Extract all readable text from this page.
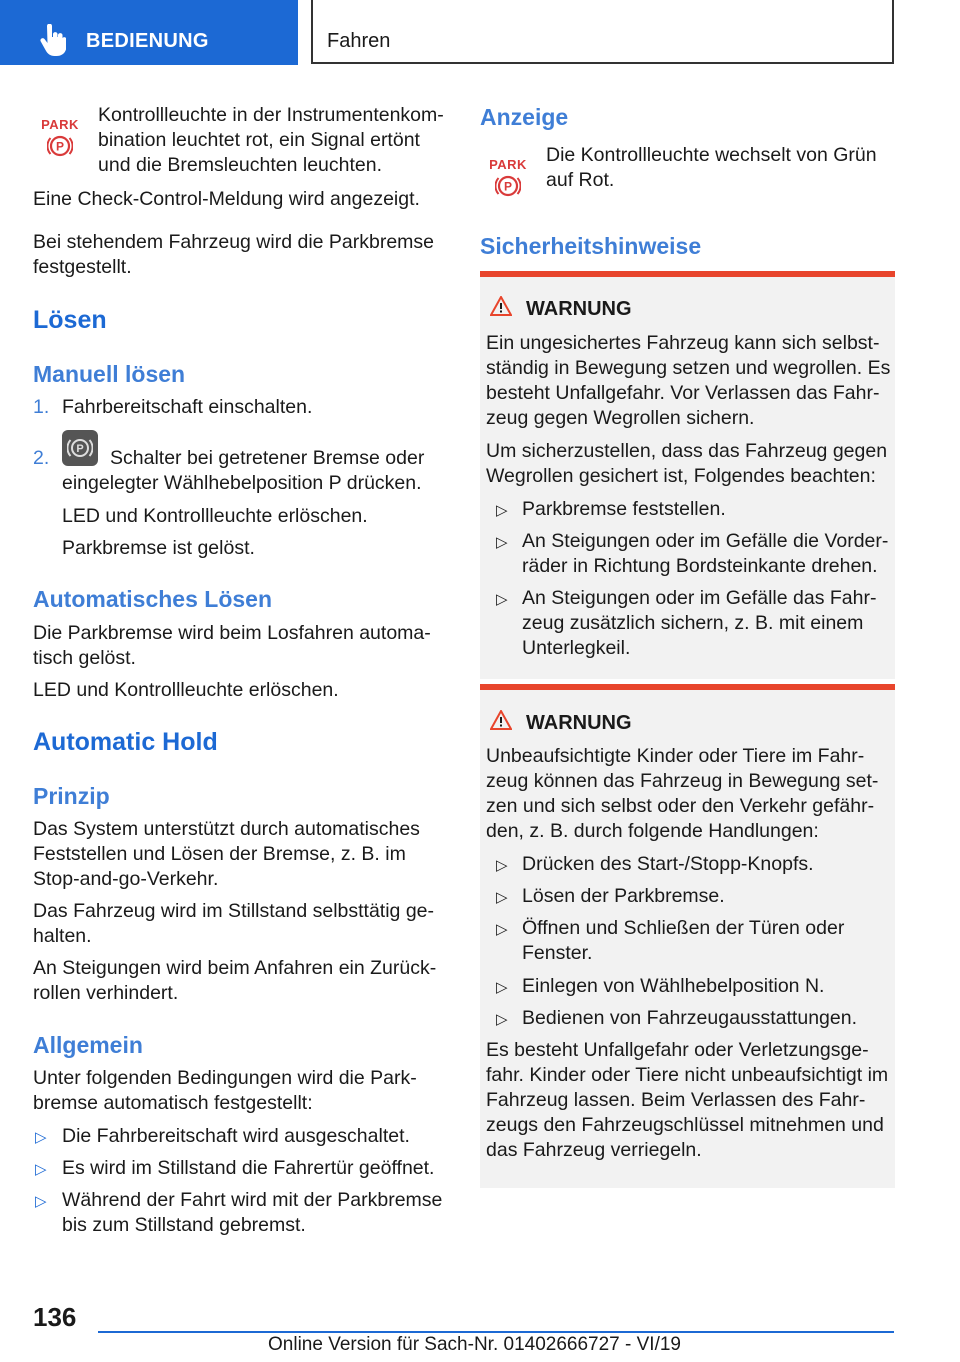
BEDIENUNG	Fahren
PARK
P
Kontrollleuchte in der Instrumentenkom-
bination leuchtet rot, ein Signal ertönt
und die Bremsleuchten leuchten.
Eine Check-Control-Meldung wird angezeigt.
Bei stehendem Fahrzeug wird die Parkbremse
festgestellt.
Lösen
Manuell lösen
1. Fahrbereitschaft einschalten.
2. P Schalter bei getretener Bremse oder
eingelegter Wählhebelposition P drücken.
LED und Kontrollleuchte erlöschen.
Parkbremse ist gelöst.
Automatisches Lösen
Die Parkbremse wird beim Losfahren automa-
tisch gelöst.
LED und Kontrollleuchte erlöschen.
Automatic Hold
Prinzip
Das System unterstützt durch automatisches
Feststellen und Lösen der Bremse, z. B. im
Stop-and-go-Verkehr.
Das Fahrzeug wird im Stillstand selbsttätig ge-
halten.
An Steigungen wird beim Anfahren ein Zurück-
rollen verhindert.
Allgemein
Unter folgenden Bedingungen wird die Park-
bremse automatisch festgestellt:
▷ Die Fahrbereitschaft wird ausgeschaltet.
▷ Es wird im Stillstand die Fahrertür geöffnet.
▷ Während der Fahrt wird mit der Parkbremse
bis zum Stillstand gebremst.
Anzeige
PARK
P
Die Kontrollleuchte wechselt von Grün
auf Rot.
Sicherheitshinweise
WARNUNG
Ein ungesichertes Fahrzeug kann sich selbst-
ständig in Bewegung setzen und wegrollen. Es
besteht Unfallgefahr. Vor Verlassen das Fahr-
zeug gegen Wegrollen sichern.
Um sicherzustellen, dass das Fahrzeug gegen
Wegrollen gesichert ist, Folgendes beachten:
▷ Parkbremse feststellen.
▷ An Steigungen oder im Gefälle die Vorder-
räder in Richtung Bordsteinkante drehen.
▷ An Steigungen oder im Gefälle das Fahr-
zeug zusätzlich sichern, z. B. mit einem
Unterlegkeil.
WARNUNG
Unbeaufsichtigte Kinder oder Tiere im Fahr-
zeug können das Fahrzeug in Bewegung set-
zen und sich selbst oder den Verkehr gefähr-
den, z. B. durch folgende Handlungen:
▷ Drücken des Start-/Stopp-Knopfs.
▷ Lösen der Parkbremse.
▷ Öffnen und Schließen der Türen oder
Fenster.
▷ Einlegen von Wählhebelposition N.
▷ Bedienen von Fahrzeugausstattungen.
Es besteht Unfallgefahr oder Verletzungsge-
fahr. Kinder oder Tiere nicht unbeaufsichtigt im
Fahrzeug lassen. Beim Verlassen des Fahr-
zeugs den Fahrzeugschlüssel mitnehmen und
das Fahrzeug verriegeln.
136
Online Version für Sach-Nr. 01402666727 - VI/19
